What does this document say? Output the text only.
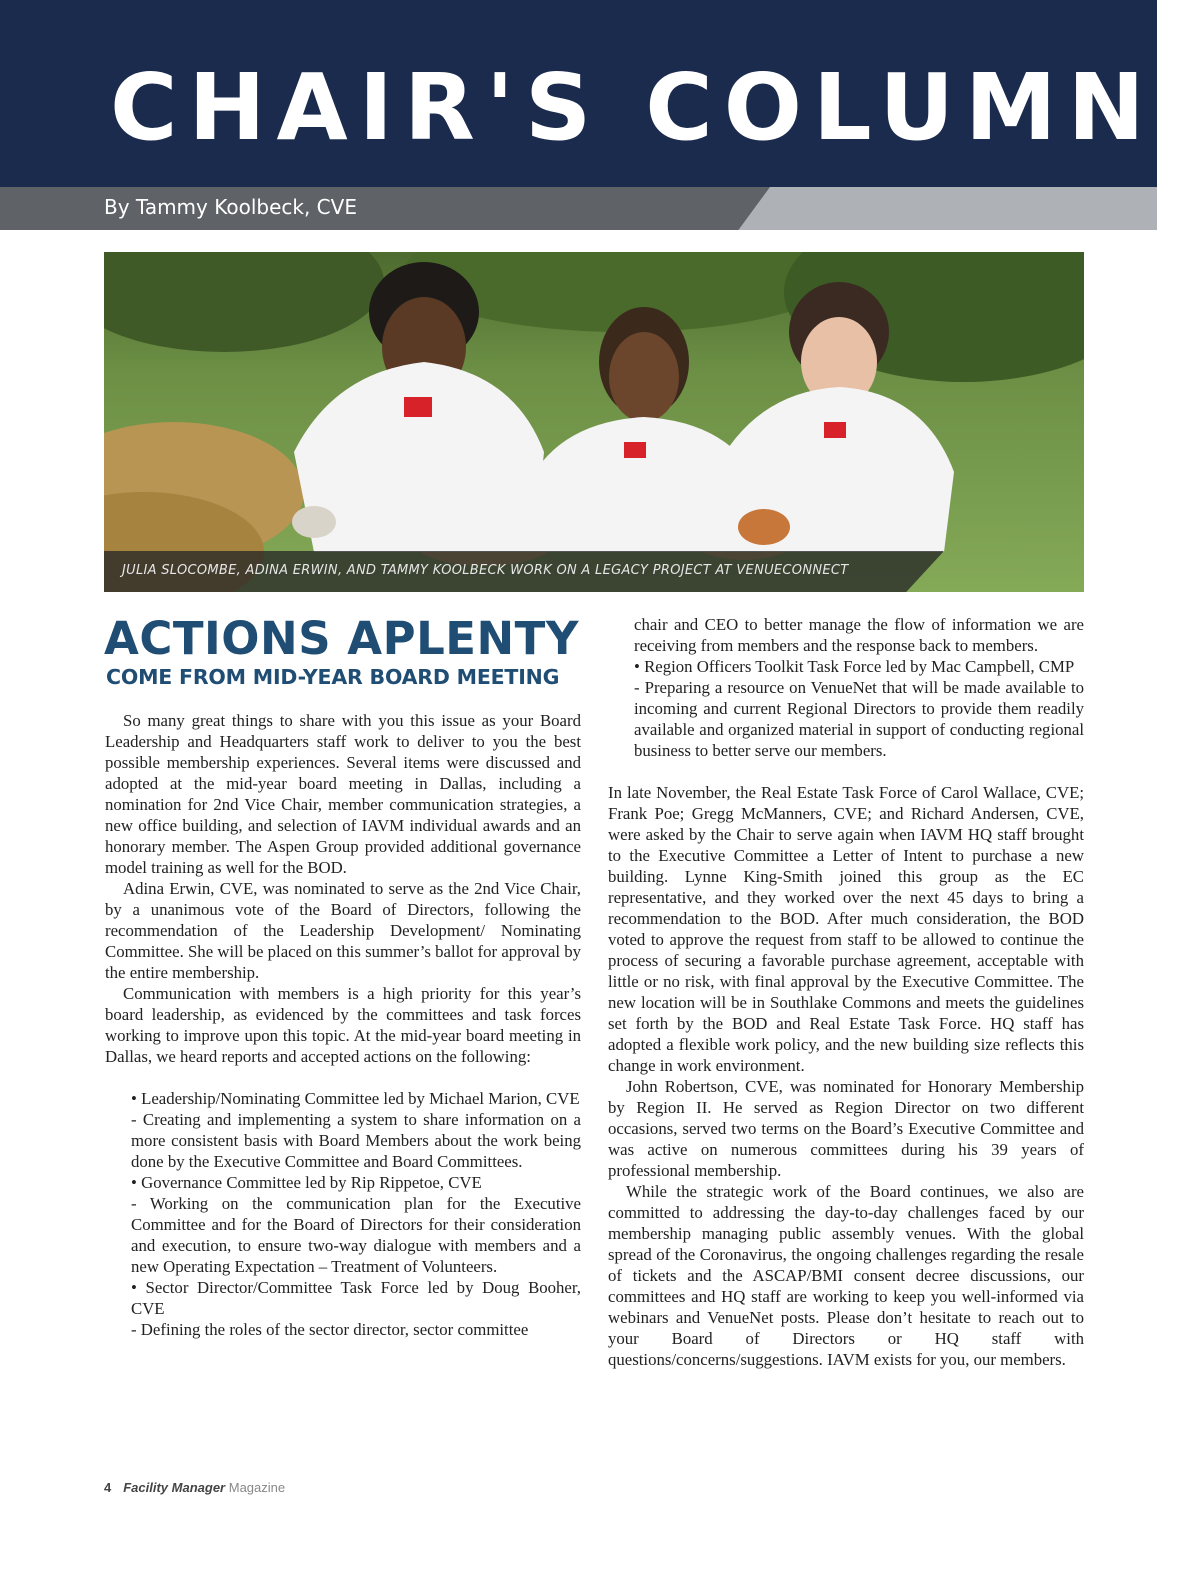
CHAIR'S COLUMN
By Tammy Koolbeck, CVE
JULIA SLOCOMBE, ADINA ERWIN, AND TAMMY KOOLBECK WORK ON A LEGACY PROJECT AT VENUECONNECT
ACTIONS APLENTY
COME FROM MID-YEAR BOARD MEETING

So many great things to share with you this issue as your Board Leadership and Headquarters staff work to deliver to you the best possible membership experiences. Several items were discussed and adopted at the mid-year board meeting in Dallas, including a nomination for 2nd Vice Chair, member communication strategies, a new office building, and selection of IAVM individual awards and an honorary member. The Aspen Group provided additional governance model training as well for the BOD.

Adina Erwin, CVE, was nominated to serve as the 2nd Vice Chair, by a unanimous vote of the Board of Directors, following the recommendation of the Leadership Development/ Nominating Committee. She will be placed on this summer’s ballot for approval by the entire membership.

Communication with members is a high priority for this year’s board leadership, as evidenced by the committees and task forces working to improve upon this topic. At the mid-year board meeting in Dallas, we heard reports and accepted actions on the following:

• Leadership/Nominating Committee led by Michael Marion, CVE

- Creating and implementing a system to share information on a more consistent basis with Board Members about the work being done by the Executive Committee and Board Committees.

• Governance Committee led by Rip Rippetoe, CVE

- Working on the communication plan for the Executive Committee and for the Board of Directors for their consideration and execution, to ensure two-way dialogue with members and a new Operating Expectation – Treatment of Volunteers.

• Sector Director/Committee Task Force led by Doug Booher, CVE

- Defining the roles of the sector director, sector committee

chair and CEO to better manage the flow of information we are receiving from members and the response back to members.

• Region Officers Toolkit Task Force led by Mac Campbell, CMP

- Preparing a resource on VenueNet that will be made available to incoming and current Regional Directors to provide them readily available and organized material in support of conducting regional business to better serve our members.

In late November, the Real Estate Task Force of Carol Wallace, CVE; Frank Poe; Gregg McManners, CVE; and Richard Andersen, CVE, were asked by the Chair to serve again when IAVM HQ staff brought to the Executive Committee a Letter of Intent to purchase a new building. Lynne King-Smith joined this group as the EC representative, and they worked over the next 45 days to bring a recommendation to the BOD. After much consideration, the BOD voted to approve the request from staff to be allowed to continue the process of securing a favorable purchase agreement, acceptable with little or no risk, with final approval by the Executive Committee. The new location will be in Southlake Commons and meets the guidelines set forth by the BOD and Real Estate Task Force. HQ staff has adopted a flexible work policy, and the new building size reflects this change in work environment.

John Robertson, CVE, was nominated for Honorary Membership by Region II. He served as Region Director on two different occasions, served two terms on the Board’s Executive Committee and was active on numerous committees during his 39 years of professional membership.

While the strategic work of the Board continues, we also are committed to addressing the day-to-day challenges faced by our membership managing public assembly venues. With the global spread of the Coronavirus, the ongoing challenges regarding the resale of tickets and the ASCAP/BMI consent decree discussions, our committees and HQ staff are working to keep you well-informed via webinars and VenueNet posts. Please don’t hesitate to reach out to your Board of Directors or HQ staff with questions/concerns/suggestions. IAVM exists for you, our members.

4 Facility Manager Magazine
